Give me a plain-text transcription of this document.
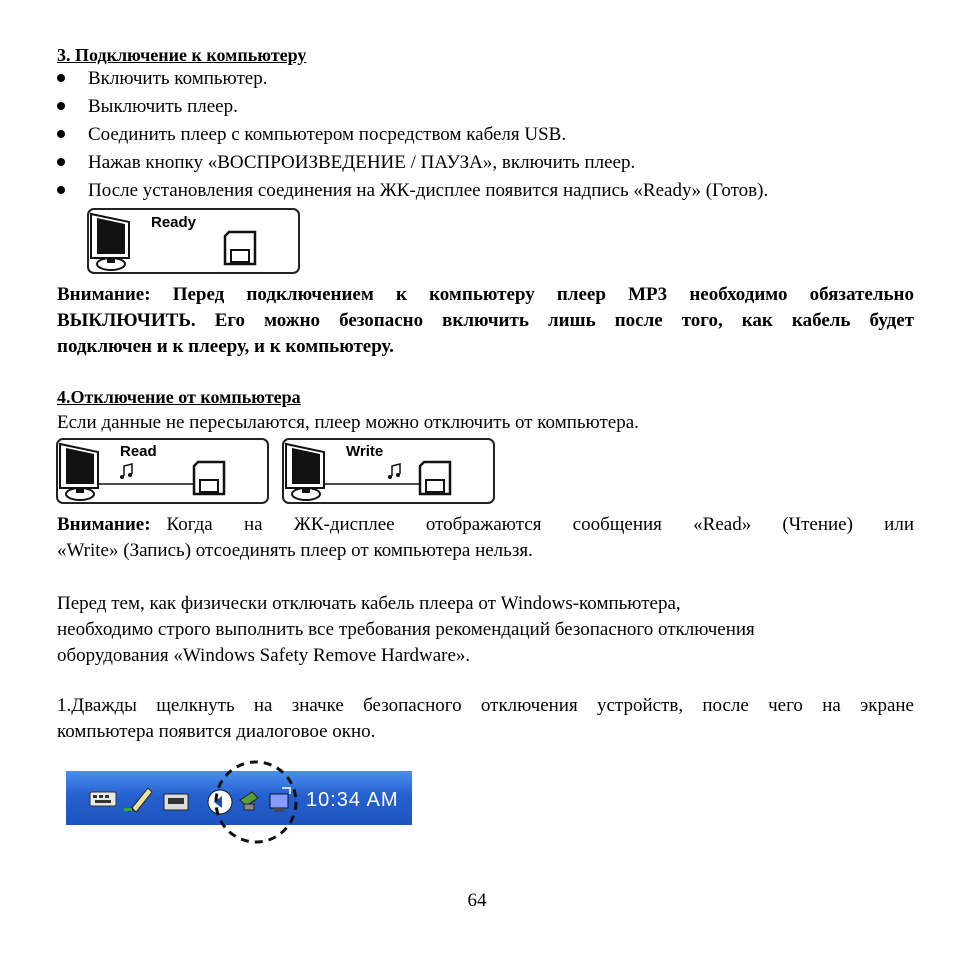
3. Подключение к компьютеру
Включить компьютер.
Выключить плеер.
Соединить плеер с компьютером посредством кабеля USB.
Нажав кнопку «ВОСПРОИЗВЕДЕНИЕ / ПАУЗА», включить плеер.
После установления соединения на ЖК-дисплее появится надпись «Ready» (Готов).
Ready
Внимание: Перед подключением к компьютеру плеер MP3 необходимо обязательно
ВЫКЛЮЧИТЬ. Его можно безопасно включить лишь после того, как кабель будет
подключен и к плееру, и к компьютеру.
4.Отключение от компьютера
Если данные не пересылаются, плеер можно отключить от компьютера.
Read	Write
Внимание: Когда на ЖК-дисплее отображаются сообщения «Read» (Чтение) или
«Write» (Запись) отсоединять плеер от компьютера нельзя.
Перед тем, как физически отключать кабель плеера от Windows-компьютера,
необходимо строго выполнить все требования рекомендаций безопасного отключения
оборудования «Windows Safety Remove Hardware».
1.Дважды щелкнуть на значке безопасного отключения устройств, после чего на экране
компьютера появится диалоговое окно.
10:34 AM
64
